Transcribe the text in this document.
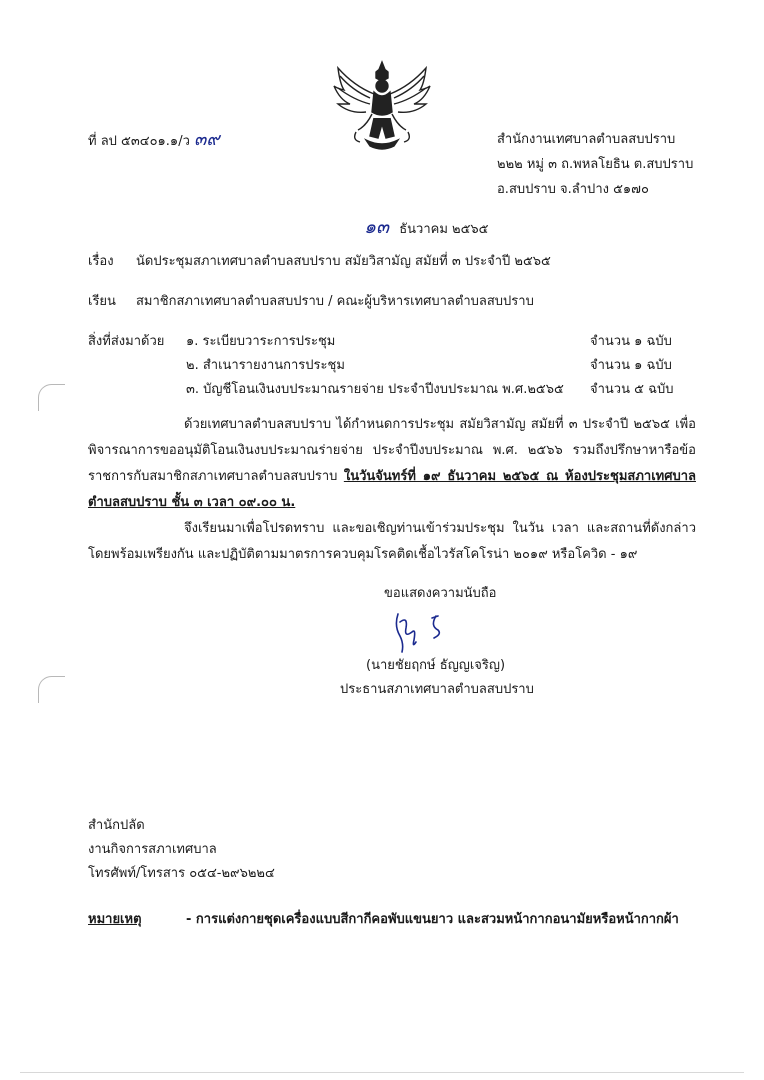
ที่ ลป ๕๓๔๐๑.๑/ว ๓๙	สำนักงานเทศบาลตำบลสบปราบ
๒๒๒ หมู่ ๓ ถ.พหลโยธิน ต.สบปราบ
อ.สบปราบ จ.ลำปาง ๕๑๗๐
๑๓ ธันวาคม ๒๕๖๕
เรื่อง นัดประชุมสภาเทศบาลตำบลสบปราบ สมัยวิสามัญ สมัยที่ ๓ ประจำปี ๒๕๖๕
เรียน สมาชิกสภาเทศบาลตำบลสบปราบ / คณะผู้บริหารเทศบาลตำบลสบปราบ
สิ่งที่ส่งมาด้วย ๑. ระเบียบวาระการประชุม	จำนวน ๑ ฉบับ
๒. สำเนารายงานการประชุม	จำนวน ๑ ฉบับ
๓. บัญชีโอนเงินงบประมาณรายจ่าย ประจำปีงบประมาณ พ.ศ.๒๕๖๕ จำนวน ๕ ฉบับ
ด้วยเทศบาลตำบลสบปราบ ได้กำหนดการประชุม สมัยวิสามัญ สมัยที่ ๓ ประจำปี ๒๕๖๕ เพื่อพิจารณาการขออนุมัติโอนเงินงบประมาณร่ายจ่าย ประจำปีงบประมาณ พ.ศ. ๒๕๖๖ รวมถึงปรึกษาหารือข้อราชการกับสมาชิกสภาเทศบาลตำบลสบปราบ ในวันจันทร์ที่ ๑๙ ธันวาคม ๒๕๖๕ ณ ห้องประชุมสภาเทศบาลตำบลสบปราบ ชั้น ๓ เวลา ๐๙.๐๐ น.
จึงเรียนมาเพื่อโปรดทราบ และขอเชิญท่านเข้าร่วมประชุม ในวัน เวลา และสถานที่ดังกล่าวโดยพร้อมเพรียงกัน และปฏิบัติตามมาตรการควบคุมโรคติดเชื้อไวรัสโคโรน่า ๒๐๑๙ หรือโควิด - ๑๙
ขอแสดงความนับถือ
(นายชัยฤกษ์ ธัญญเจริญ)
ประธานสภาเทศบาลตำบลสบปราบ
สำนักปลัด
งานกิจการสภาเทศบาล
โทรศัพท์/โทรสาร ๐๕๔-๒๙๖๒๒๔
หมายเหตุ	- การแต่งกายชุดเครื่องแบบสีกากีคอพับแขนยาว และสวมหน้ากากอนามัยหรือหน้ากากผ้า
